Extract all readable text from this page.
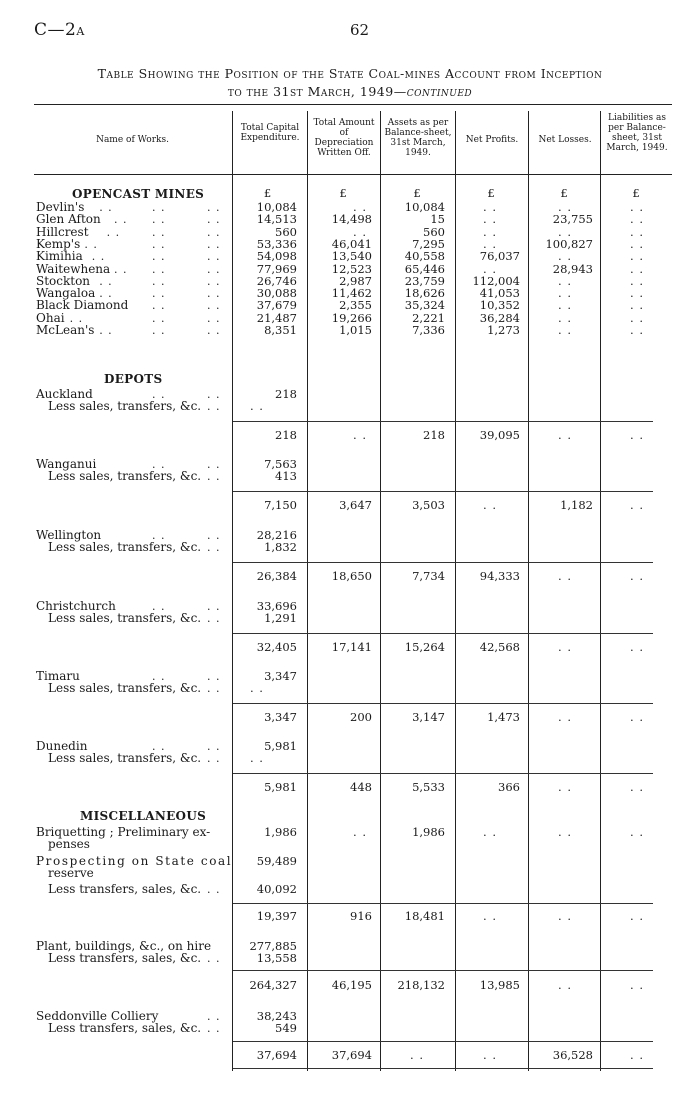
C—2A	62
Table Showing the Position of the State Coal-mines Account from Inception
to the 31st March, 1949—continued
Name of Works.
Total Capital Expenditure.
Total Amount of Depreciation Written Off.
Assets as per Balance-sheet, 31st March, 1949.
Net Profits.	Net Losses.
Liabilities as per Balance-sheet, 31st March, 1949.
£	£	£	£	£	£
OPENCAST MINES
Devlin's . .	. .	. .	10,084	. .	10,084	. .	. .	. .
Glen Afton . . . .	. .	14,513	14,498	15	. .	23,755	. .
Hillcrest . .	. .	. .	560	. .	560	. .	. .	. .
Kemp's . .	. .	. .	53,336	46,041	7,295	. .	100,827	. .
Kimihia . .	. .	. .	54,098	13,540	40,558	76,037	. .	. .
Waitewhena . . . .	. .	77,969	12,523	65,446	. .	28,943	. .
Stockton . .	. .	. .	26,746	2,987	23,759	112,004	. .	. .
Wangaloa . .	. .	. .	30,088	11,462	18,626	41,053	. .	. .
Black Diamond . .	. .	37,679	2,355	35,324	10,352	. .	. .
Ohai . .	. .	. .	21,487	19,266	2,221	36,284	. .	. .
McLean's . .	. .	. .	8,351	1,015	7,336	1,273	. .	. .
DEPOTS
Auckland	. .	. .	218
Less sales, transfers, &c. . .	. .
218	. .	218	39,095	. .	. .
Wanganui	. .	. .	7,563
Less sales, transfers, &c. . .	413
7,150	3,647	3,503	. .	1,182	. .
Wellington	. .	. .	28,216
Less sales, transfers, &c. . .	1,832
26,384	18,650	7,734	94,333	. .	. .
Christchurch	. .	. .	33,696
Less sales, transfers, &c. . .	1,291
32,405	17,141	15,264	42,568	. .	. .
Timaru	. .	. .	3,347
Less sales, transfers, &c. . .	. .
3,347	200	3,147	1,473	. .	. .
Dunedin	. .	. .	5,981
Less sales, transfers, &c. . .	. .
5,981	448	5,533	366	. .	. .
MISCELLANEOUS
Briquetting ; Preliminary ex-
penses
1,986	. .	1,986	. .	. .	. .
Prospecting on State coal
reserve
59,489
Less transfers, sales, &c. . .	40,092
19,397	916	18,481	. .	. .	. .
Plant, buildings, &c., on hire	277,885
Less transfers, sales, &c. . .	13,558
264,327	46,195	218,132	13,985	. .	. .
Seddonville Colliery	. .	38,243
Less transfers, sales, &c. . .	549
37,694	37,694	. .	. .	36,528	. .
